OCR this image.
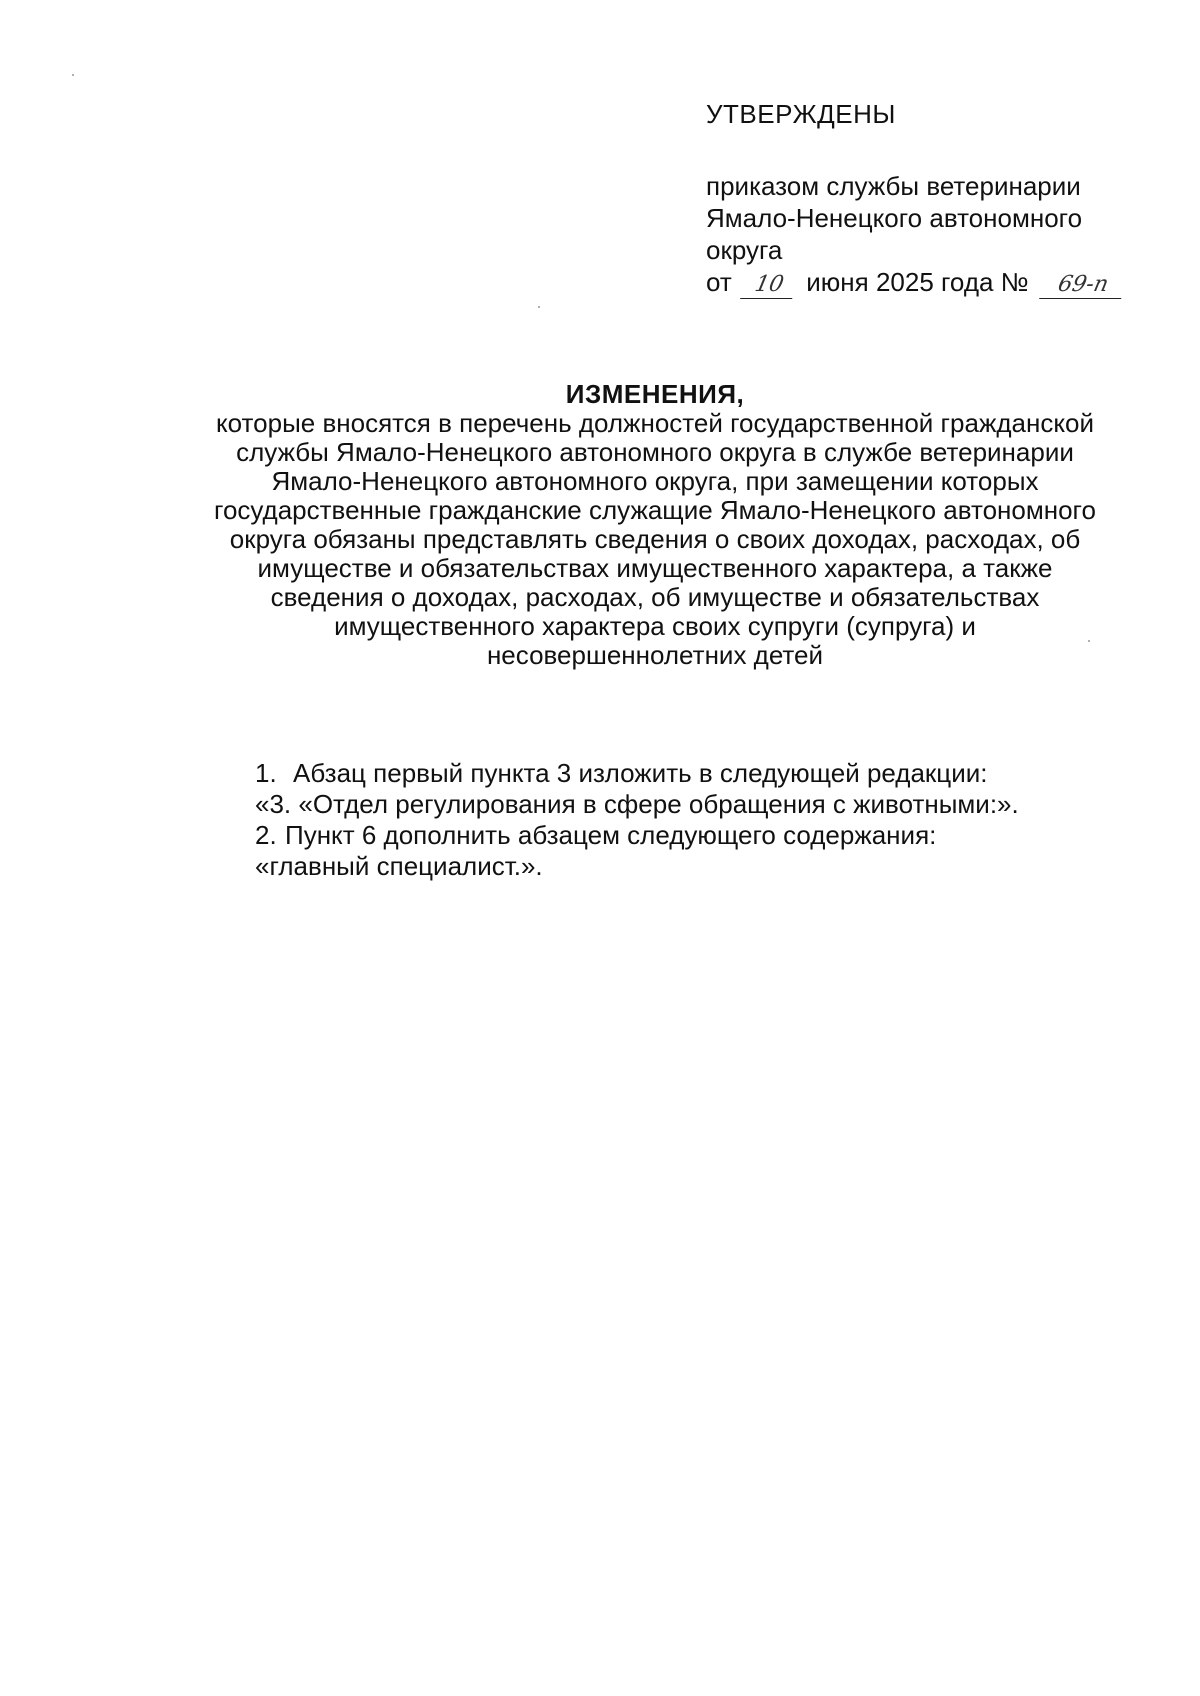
УТВЕРЖДЕНЫ
приказом службы ветеринарии
Ямало-Ненецкого автономного
округа
от 10 июня 2025 года № 69-п
ИЗМЕНЕНИЯ,
которые вносятся в перечень должностей государственной гражданской
службы Ямало-Ненецкого автономного округа в службе ветеринарии
Ямало-Ненецкого автономного округа, при замещении которых
государственные гражданские служащие Ямало-Ненецкого автономного
округа обязаны представлять сведения о своих доходах, расходах, об
имуществе и обязательствах имущественного характера, а также
сведения о доходах, расходах, об имуществе и обязательствах
имущественного характера своих супруги (супруга) и
несовершеннолетних детей
1. Абзац первый пункта 3 изложить в следующей редакции:
«3. «Отдел регулирования в сфере обращения с животными:».
2. Пункт 6 дополнить абзацем следующего содержания:
«главный специалист.».
